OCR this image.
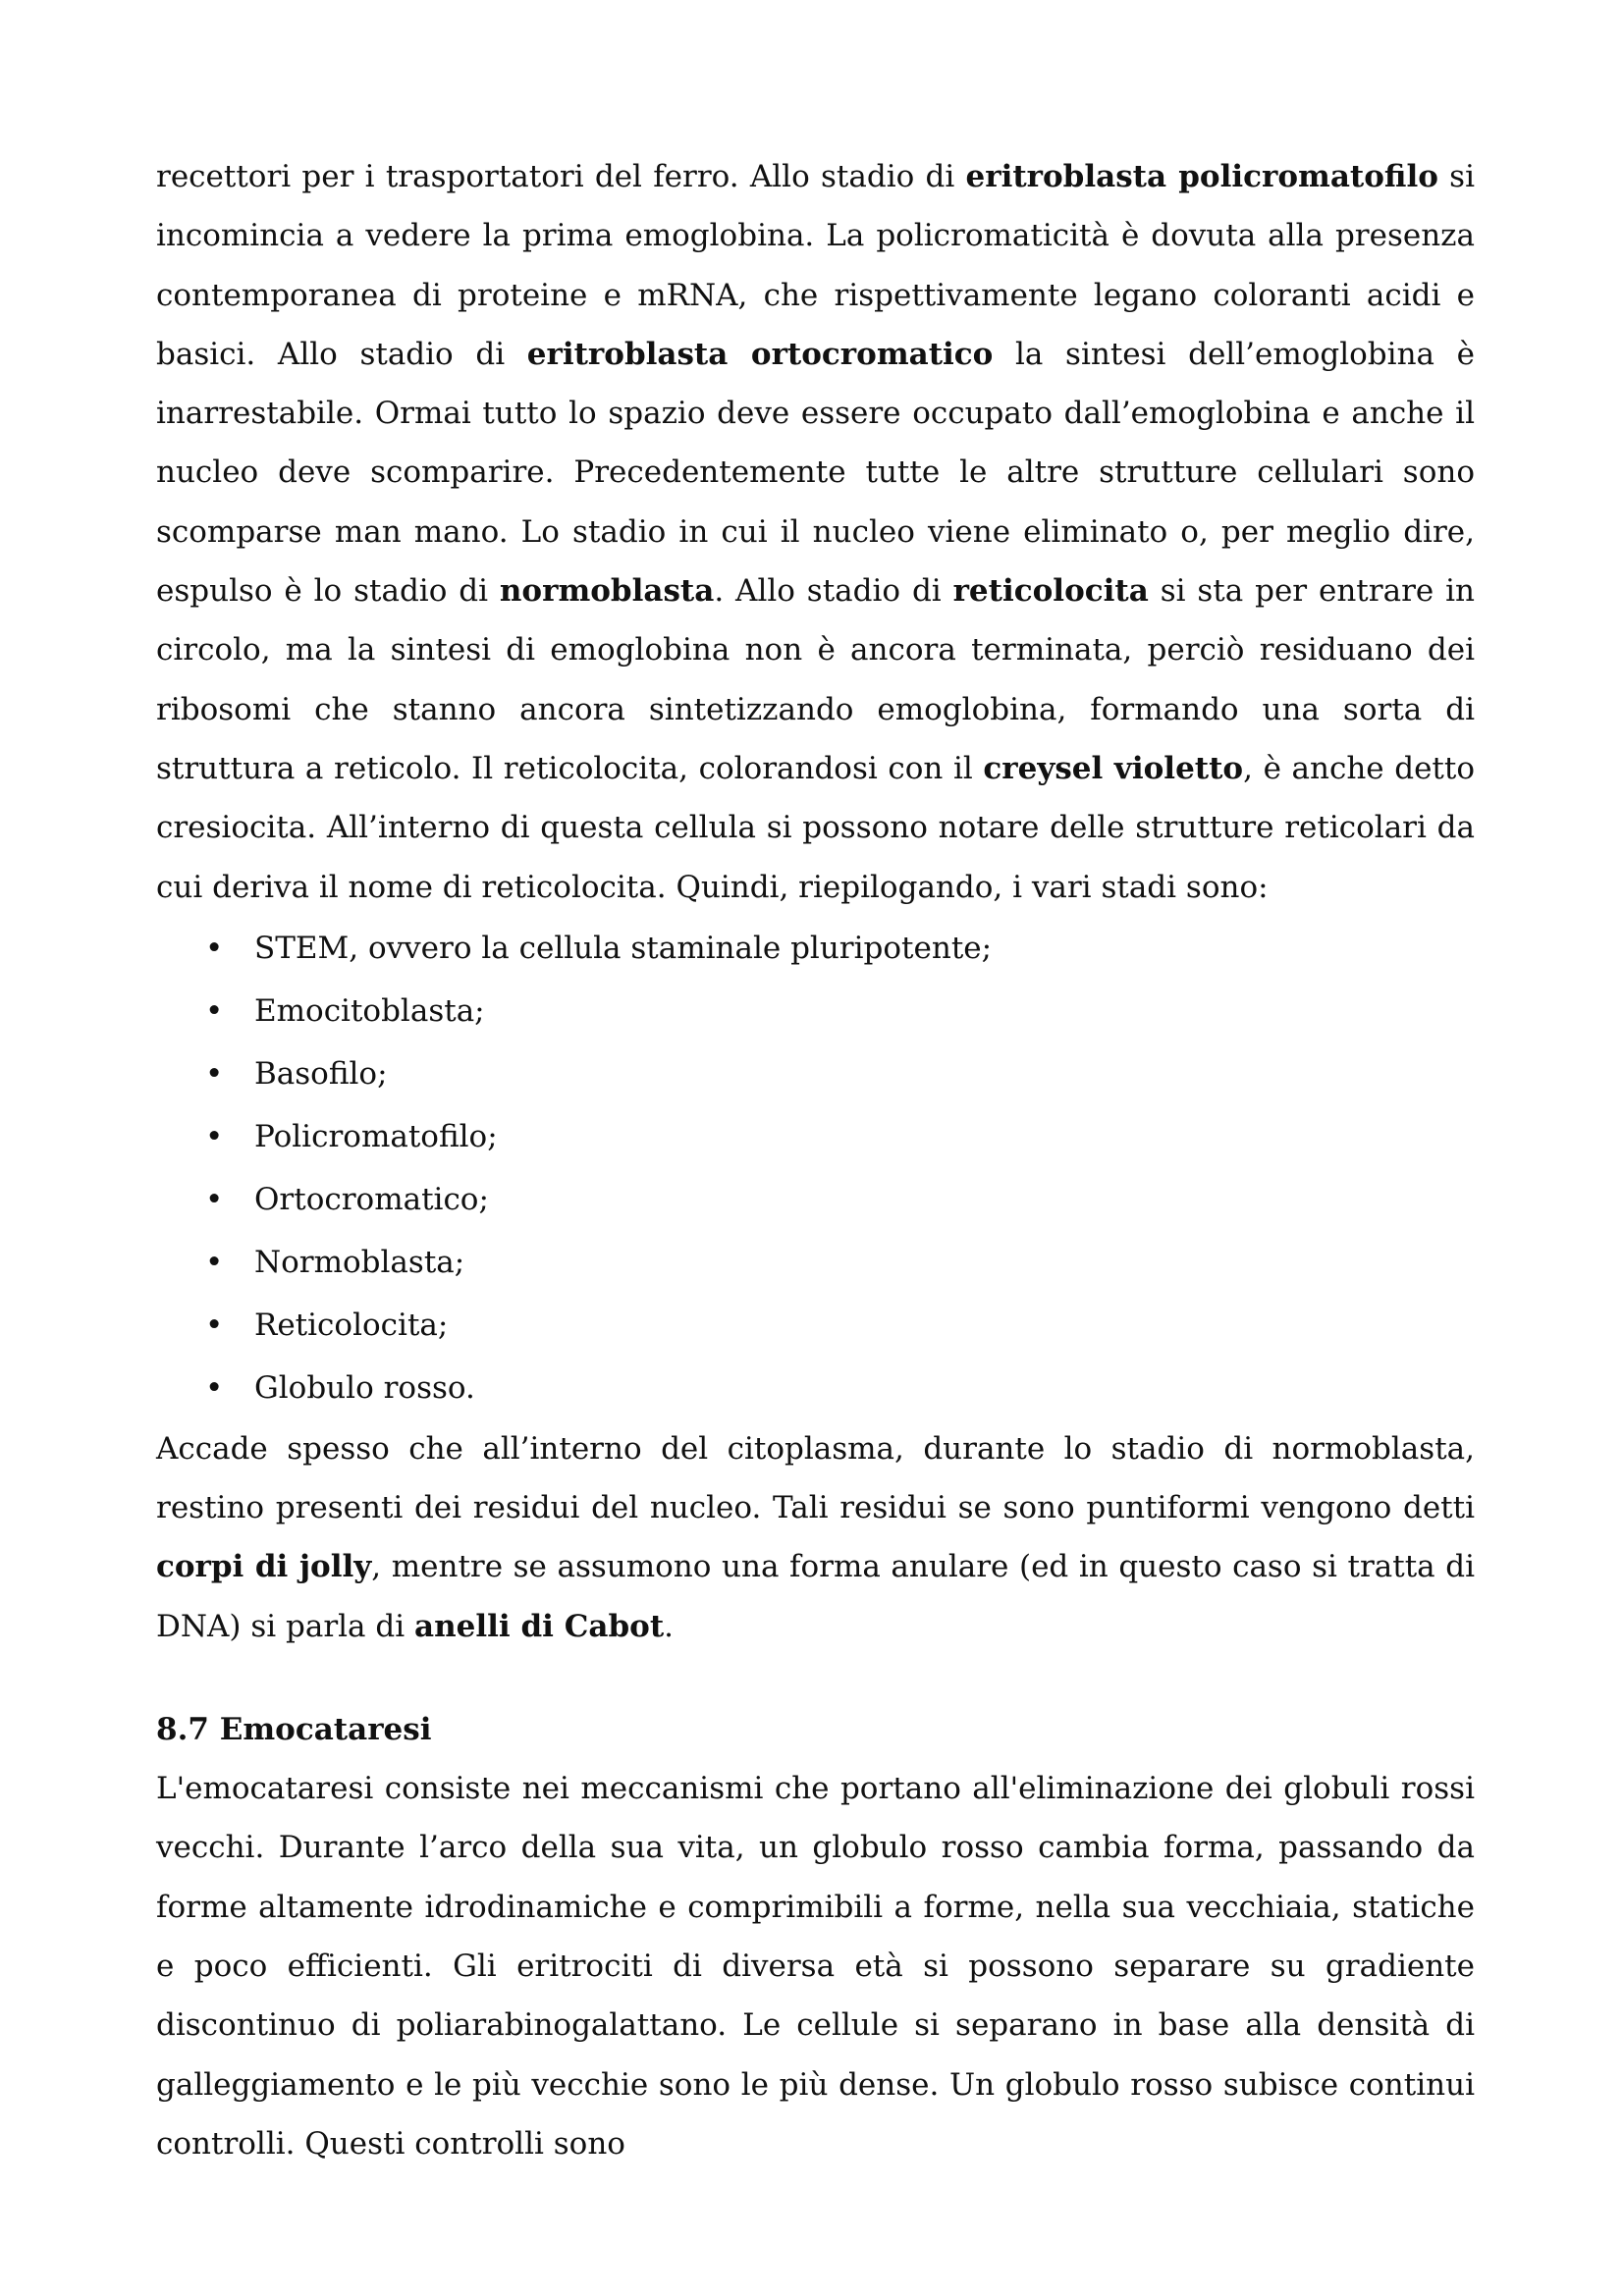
recettori per i trasportatori del ferro. Allo stadio di eritroblasta policromatofilo si incomincia a vedere la prima emoglobina. La policromaticità è dovuta alla presenza contemporanea di proteine e mRNA, che rispettivamente legano coloranti acidi e basici. Allo stadio di eritroblasta ortocromatico la sintesi dell’emoglobina è inarrestabile. Ormai tutto lo spazio deve essere occupato dall’emoglobina e anche il nucleo deve scomparire. Precedentemente tutte le altre strutture cellulari sono scomparse man mano. Lo stadio in cui il nucleo viene eliminato o, per meglio dire, espulso è lo stadio di normoblasta. Allo stadio di reticolocita si sta per entrare in circolo, ma la sintesi di emoglobina non è ancora terminata, perciò residuano dei ribosomi che stanno ancora sintetizzando emoglobina, formando una sorta di struttura a reticolo. Il reticolocita, colorandosi con il creysel violetto, è anche detto cresiocita. All’interno di questa cellula si possono notare delle strutture reticolari da cui deriva il nome di reticolocita. Quindi, riepilogando, i vari stadi sono:

• STEM, ovvero la cellula staminale pluripotente;
• Emocitoblasta;
• Basofilo;
• Policromatofilo;
• Ortocromatico;
• Normoblasta;
• Reticolocita;
• Globulo rosso.

Accade spesso che all’interno del citoplasma, durante lo stadio di normoblasta, restino presenti dei residui del nucleo. Tali residui se sono puntiformi vengono detti corpi di jolly, mentre se assumono una forma anulare (ed in questo caso si tratta di DNA) si parla di anelli di Cabot.

8.7 Emocataresi

L'emocataresi consiste nei meccanismi che portano all'eliminazione dei globuli rossi vecchi. Durante l’arco della sua vita, un globulo rosso cambia forma, passando da forme altamente idrodinamiche e comprimibili a forme, nella sua vecchiaia, statiche e poco efficienti. Gli eritrociti di diversa età si possono separare su gradiente discontinuo di poliarabinogalattano. Le cellule si separano in base alla densità di galleggiamento e le più vecchie sono le più dense. Un globulo rosso subisce continui controlli. Questi controlli sono
